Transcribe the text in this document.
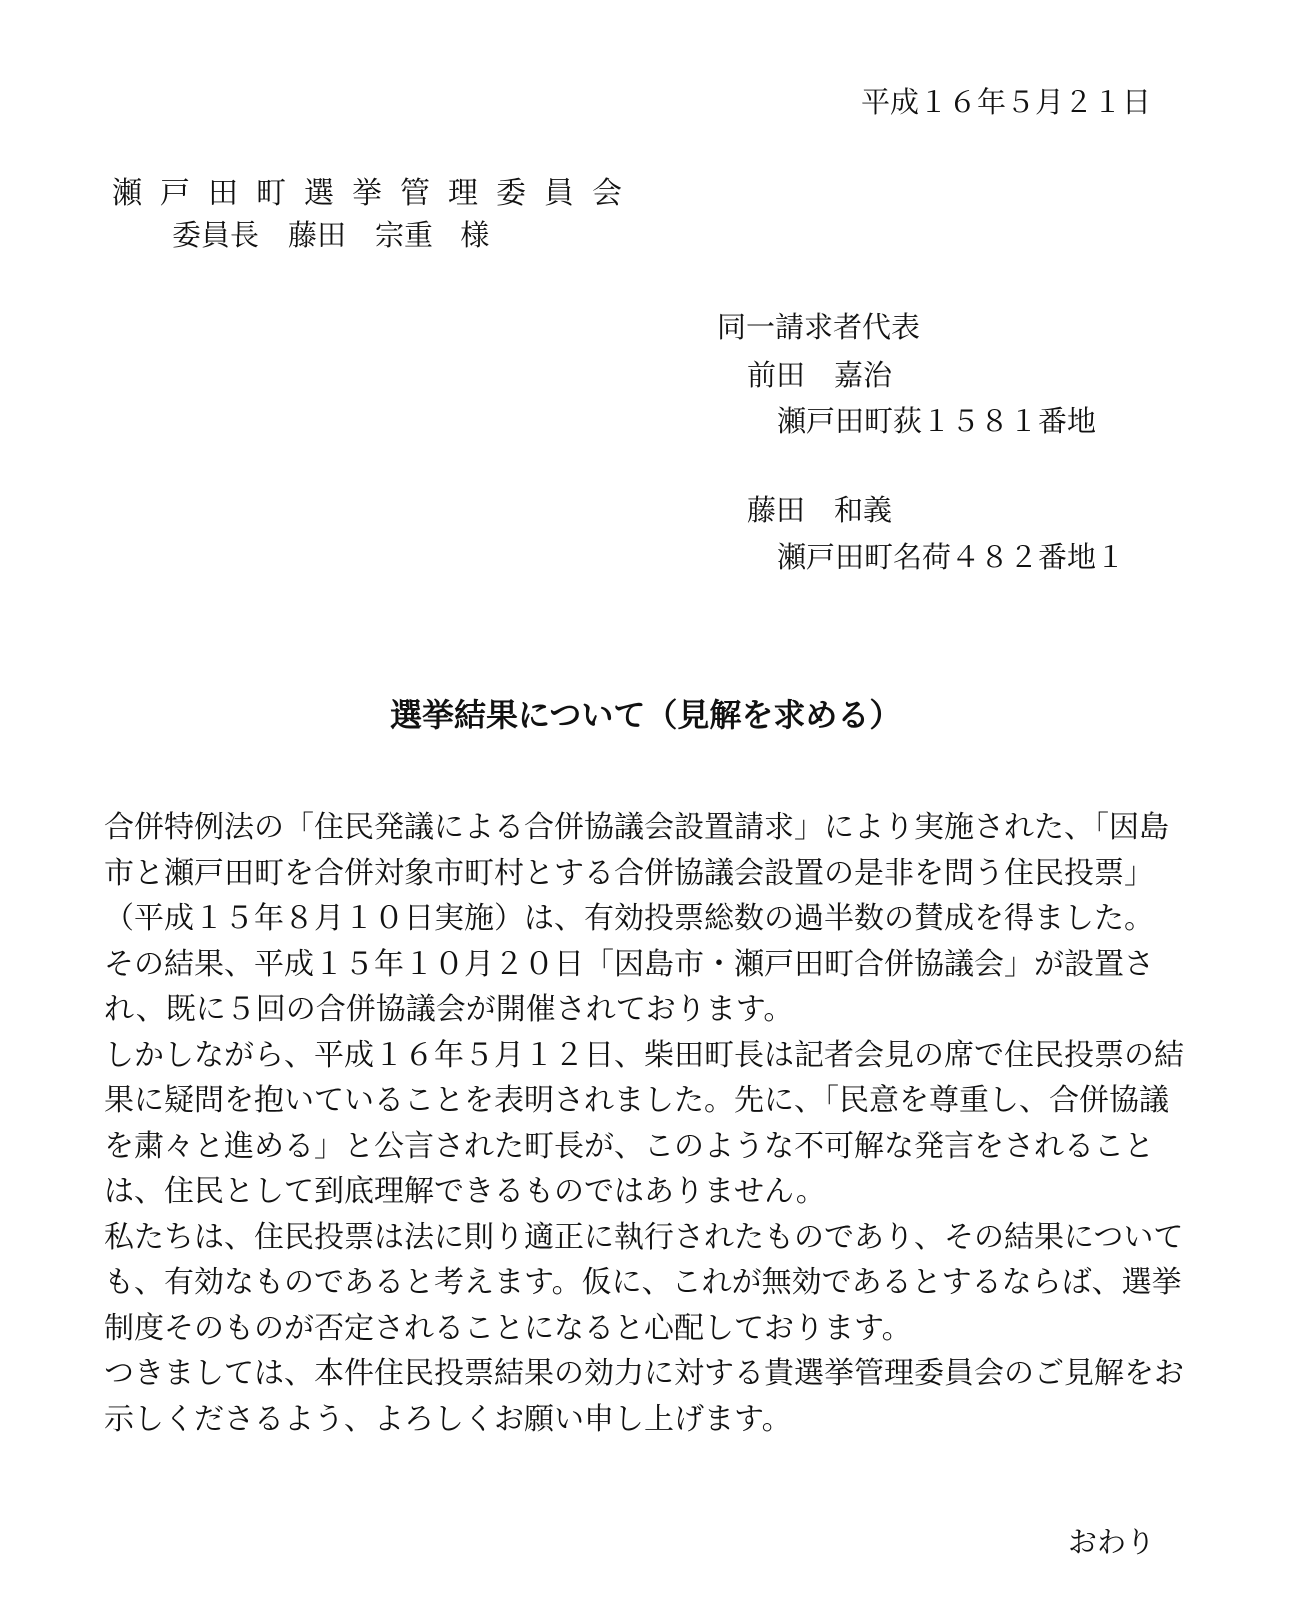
平成１６年５月２１日
瀬戸田町選挙管理委員会
委員長　藤田　宗重 様
同一請求者代表
前田　嘉治
瀬戸田町荻１５８１番地
藤田　和義
瀬戸田町名荷４８２番地１
選挙結果について（見解を求める）

合併特例法の「住民発議による合併協議会設置請求」により実施された、「因島市と瀬戸田町を合併対象市町村とする合併協議会設置の是非を問う住民投票」（平成１５年８月１０日実施）は、有効投票総数の過半数の賛成を得ました。

その結果、平成１５年１０月２０日「因島市・瀬戸田町合併協議会」が設置され、既に５回の合併協議会が開催されております。

しかしながら、平成１６年５月１２日、柴田町長は記者会見の席で住民投票の結果に疑問を抱いていることを表明されました。先に、「民意を尊重し、合併協議を粛々と進める」と公言された町長が、このような不可解な発言をされることは、住民として到底理解できるものではありません。

私たちは、住民投票は法に則り適正に執行されたものであり、その結果についても、有効なものであると考えます。仮に、これが無効であるとするならば、選挙制度そのものが否定されることになると心配しております。

つきましては、本件住民投票結果の効力に対する貴選挙管理委員会のご見解をお示しくださるよう、よろしくお願い申し上げます。

おわり
